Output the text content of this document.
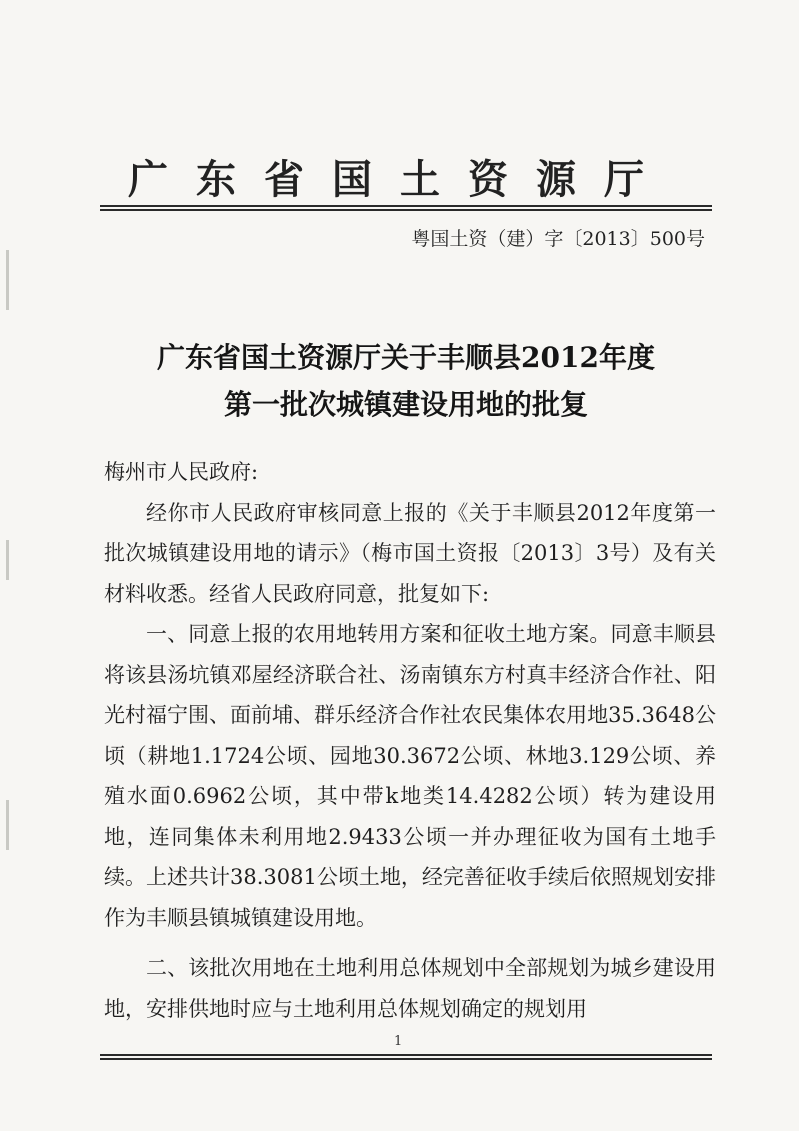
广东省国土资源厅
粤国土资（建）字〔2013〕500号
广东省国土资源厅关于丰顺县2012年度
第一批次城镇建设用地的批复

梅州市人民政府:

经你市人民政府审核同意上报的《关于丰顺县2012年度第一批次城镇建设用地的请示》（梅市国土资报〔2013〕3号）及有关材料收悉。经省人民政府同意，批复如下:

一、同意上报的农用地转用方案和征收土地方案。同意丰顺县将该县汤坑镇邓屋经济联合社、汤南镇东方村真丰经济合作社、阳光村福宁围、面前埔、群乐经济合作社农民集体农用地35.3648公顷（耕地1.1724公顷、园地30.3672公顷、林地3.129公顷、养殖水面0.6962公顷，其中带k地类14.4282公顷）转为建设用地，连同集体未利用地2.9433公顷一并办理征收为国有土地手续。上述共计38.3081公顷土地，经完善征收手续后依照规划安排作为丰顺县镇城镇建设用地。

二、该批次用地在土地利用总体规划中全部规划为城乡建设用地，安排供地时应与土地利用总体规划确定的规划用

1
